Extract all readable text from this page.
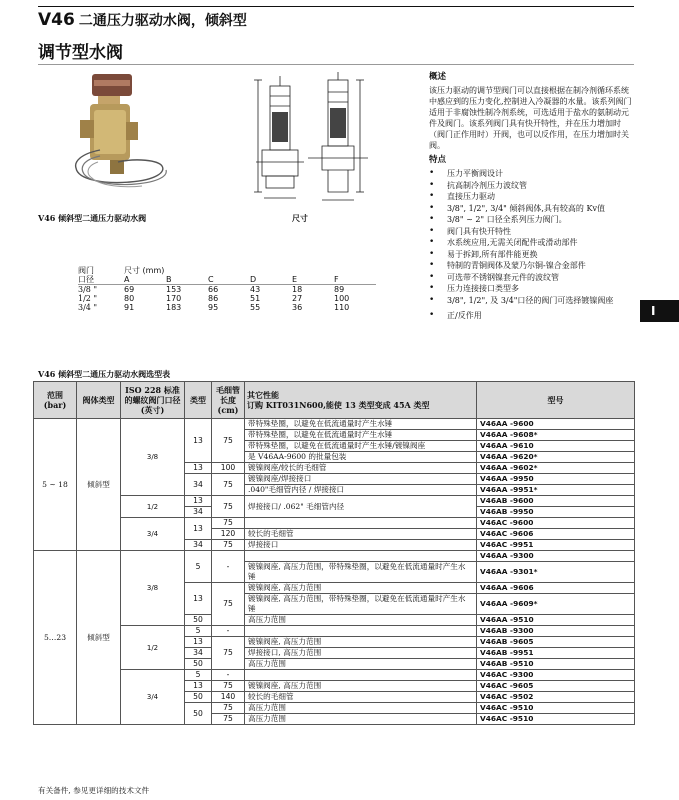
V46 二通压力驱动水阀，倾斜型
调节型水阀
V46 倾斜型二通压力驱动水阀	尺寸
概述

该压力驱动的调节型阀门可以直接根据在制冷剂循环系统中感应到的压力变化,控制进入冷凝器的水量。该系列阀门适用于非腐蚀性制冷剂系统，可选适用于盐水的氨制动元件及阀门。该系列阀门具有快开特性，并在压力增加时（阀门正作用时）开阀，也可以反作用，在压力增加时关阀。

特点
• 压力平衡阀设计
• 抗高制冷剂压力波纹管
• 直接压力驱动
• 3/8", 1/2", 3/4" 倾斜阀体,具有较高的 Kv值
• 3/8" ~ 2" 口径全系列压力阀门。
• 阀门具有快开特性
• 水系统应用,无需关闭配件或滑动部件
• 易于拆卸,所有部件能更换
• 特制的青铜阀体及蒙乃尔铜-镍合金部件
• 可选带不锈钢镍套元件的波纹管
• 压力连接接口类型多
• 3/8", 1/2", 及 3/4"口径的阀门可选择镀镍阀座
• 正/反作用	I
阀门	尺寸 (mm)					
口径	A	B	C	D	E	F
3/8 "	69	153	66	43	18	89
1/2 "	80	170	86	51	27	100
3/4 "	91	183	95	55	36	110
V46 倾斜型二通压力驱动水阀选型表
范围 (bar)	阀体类型	ISO 228 标准的螺纹阀门口径(英寸)	类型	毛细管长度 (cm)	其它性能
订购 KIT031N600,能使 13 类型变成 45A 类型	型号
5 ~ 18	倾斜型	3/8	13	75	带特殊垫圈，以避免在低流通量时产生水锤	V46AA -9600
					带特殊垫圈，以避免在低流通量时产生水锤	V46AA -9608*
					带特殊垫圈，以避免在低流通量时产生水锤/镀镍阀座	V46AA -9610
					是 V46AA-9600 的批量包装	V46AA -9620*
			13	100	镀镍阀座/较长的毛细管	V46AA -9602*
			34	75	镀镍阀座/焊接接口	V46AA -9950
					.040"毛细管内径 / 焊接接口	V46AA -9951*
		1/2	13	75	焊接接口/ .062" 毛细管内径	V46AB -9600
			34			V46AB -9950
		3/4	13	75		V46AC -9600
				120	较长的毛细管	V46AC -9606
			34	75	焊接接口	V46AC -9951
5…23	倾斜型	3/8	5	-		V46AA -9300
					镀镍阀座, 高压力范围，带特殊垫圈，以避免在低流通量时产生水锤	V46AA -9301*
			13	75	镀镍阀座, 高压力范围	V46AA -9606
					镀镍阀座, 高压力范围，带特殊垫圈，以避免在低流通量时产生水锤	V46AA -9609*
			50		高压力范围	V46AA -9510
		1/2	5	-		V46AB -9300
			13	75	镀镍阀座, 高压力范围	V46AB -9605
			34		焊接接口, 高压力范围	V46AB -9951
			50		高压力范围	V46AB -9510
		3/4	5	-		V46AC -9300
			13	75	镀镍阀座, 高压力范围	V46AC -9605
			50	140	较长的毛细管	V46AC -9502
			50	75	高压力范围	V46AC -9510
				75	高压力范围	V46AC -9510
有关备件, 参见更详细的技术文件
